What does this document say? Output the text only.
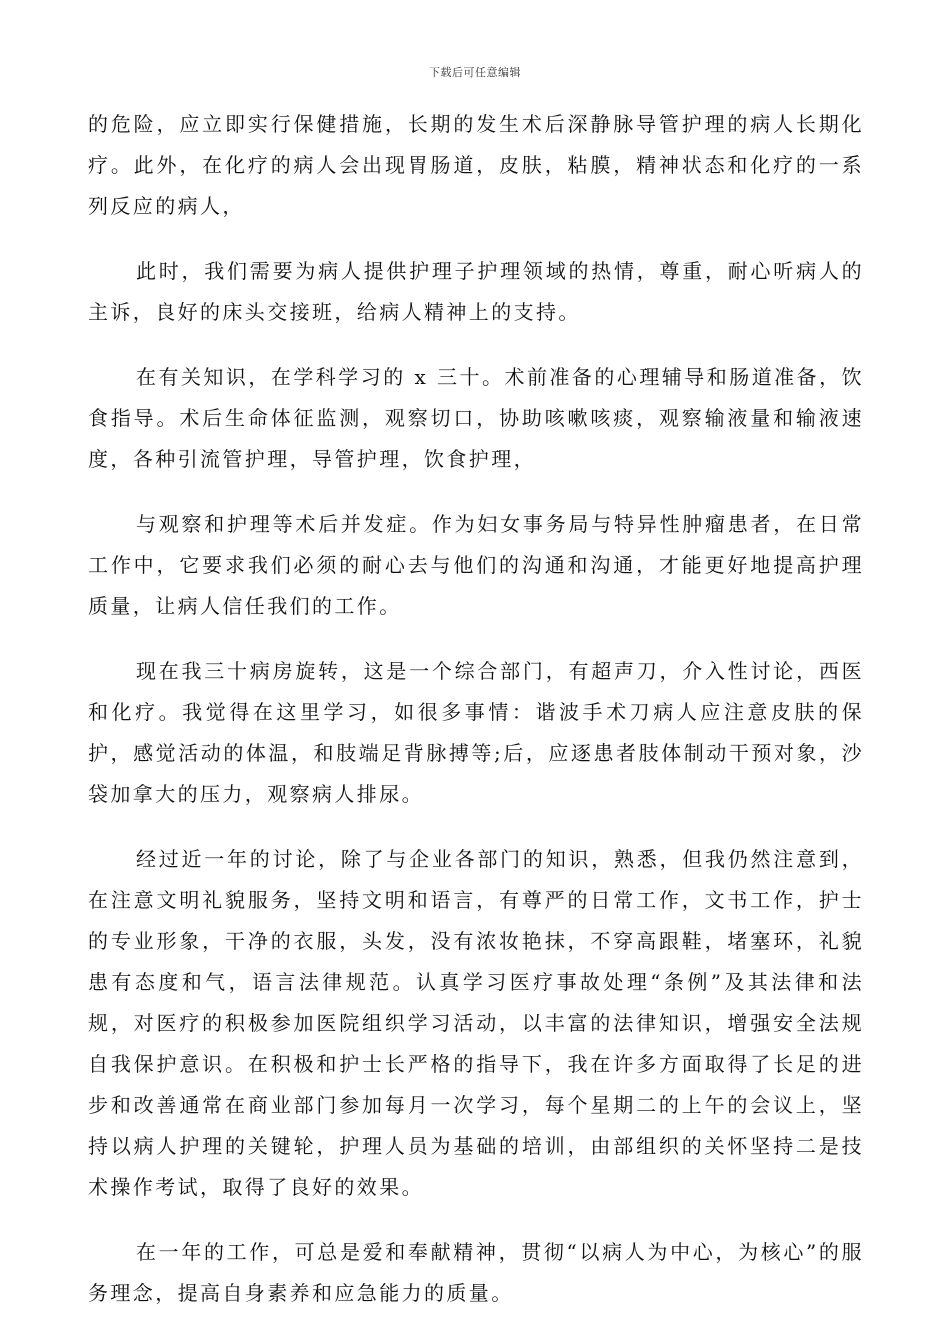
下载后可任意编辑

的危险，应立即实行保健措施，长期的发生术后深静脉导管护理的病人长期化疗。此外，在化疗的病人会出现胃肠道，皮肤，粘膜，精神状态和化疗的一系列反应的病人，

此时，我们需要为病人提供护理子护理领域的热情，尊重，耐心听病人的主诉，良好的床头交接班，给病人精神上的支持。

在有关知识，在学科学习的 x 三十。术前准备的心理辅导和肠道准备，饮食指导。术后生命体征监测，观察切口，协助咳嗽咳痰，观察输液量和输液速度，各种引流管护理，导管护理，饮食护理，

与观察和护理等术后并发症。作为妇女事务局与特异性肿瘤患者，在日常工作中，它要求我们必须的耐心去与他们的沟通和沟通，才能更好地提高护理质量，让病人信任我们的工作。

现在我三十病房旋转，这是一个综合部门，有超声刀，介入性讨论，西医和化疗。我觉得在这里学习，如很多事情：谐波手术刀病人应注意皮肤的保护，感觉活动的体温，和肢端足背脉搏等;后，应逐患者肢体制动干预对象，沙袋加拿大的压力，观察病人排尿。

经过近一年的讨论，除了与企业各部门的知识，熟悉，但我仍然注意到，在注意文明礼貌服务，坚持文明和语言，有尊严的日常工作，文书工作，护士的专业形象，干净的衣服，头发，没有浓妆艳抹，不穿高跟鞋，堵塞环，礼貌患有态度和气，语言法律规范。认真学习医疗事故处理“条例”及其法律和法规，对医疗的积极参加医院组织学习活动，以丰富的法律知识，增强安全法规自我保护意识。在积极和护士长严格的指导下，我在许多方面取得了长足的进步和改善通常在商业部门参加每月一次学习，每个星期二的上午的会议上，坚持以病人护理的关键轮，护理人员为基础的培训，由部组织的关怀坚持二是技术操作考试，取得了良好的效果。

在一年的工作，可总是爱和奉献精神，贯彻“以病人为中心，为核心”的服务理念，提高自身素养和应急能力的质量。
